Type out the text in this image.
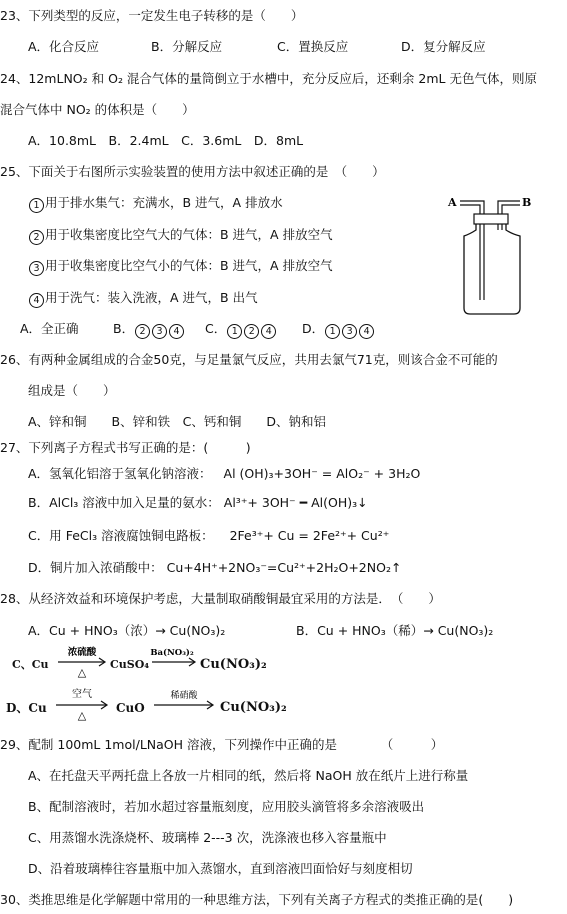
23、下列类型的反应，一定发生电子转移的是（　　）
A．化合反应	B．分解反应	C．置换反应	D．复分解反应
24、12mLNO₂ 和 O₂ 混合气体的量筒倒立于水槽中，充分反应后，还剩余 2mL 无色气体，则原
混合气体中 NO₂ 的体积是（　　）
A．10.8mL　B．2.4mL　C．3.6mL　D．8mL
25、下面关于右图所示实验装置的使用方法中叙述正确的是　（　　）
1 用于排水集气：充满水，B 进气，A 排放水
2 用于收集密度比空气大的气体：B 进气，A 排放空气
3 用于收集密度比空气小的气体：B 进气，A 排放空气
4 用于洗气：装入洗液，A 进气，B 出气
A．全正确	B． 2 3 4	C． 1 2 4	D． 1 3 4
A	B
26、有两种金属组成的合金50克，与足量氯气反应，共用去氯气71克，则该合金不可能的
组成是（　　）
A、锌和铜　　B、锌和铁　C、钙和铜　　D、钠和铝
27、下列离子方程式书写正确的是：(　　　)
A．氢氧化铝溶于氢氧化钠溶液： Al (OH)₃+3OH⁻ = AlO₂⁻ + 3H₂O
B．AlCl₃ 溶液中加入足量的氨水： Al³⁺+ 3OH⁻ ━ Al(OH)₃↓
C．用 FeCl₃ 溶液腐蚀铜电路板： 2Fe³⁺+ Cu = 2Fe²⁺+ Cu²⁺
D．铜片加入浓硝酸中： Cu+4H⁺+2NO₃⁻=Cu²⁺+2H₂O+2NO₂↑
28、从经济效益和环境保护考虑，大量制取硝酸铜最宜采用的方法是．　（　　）
A．Cu + HNO₃（浓）→ Cu(NO₃)₂	B．Cu + HNO₃（稀）→ Cu(NO₃)₂
C、Cu
浓硫酸
△
CuSO₄
Ba(NO₃)₂
Cu(NO₃)₂
D、Cu
空气
△
CuO
稀硝酸
Cu(NO₃)₂
29、配制 100mL 1mol/LNaOH 溶液，下列操作中正确的是　　　　（　　　）
A、在托盘天平两托盘上各放一片相同的纸，然后将 NaOH 放在纸片上进行称量
B、配制溶液时，若加水超过容量瓶刻度，应用胶头滴管将多余溶液吸出
C、用蒸馏水洗涤烧杯、玻璃棒 2---3 次，洗涤液也移入容量瓶中
D、沿着玻璃棒往容量瓶中加入蒸馏水，直到溶液凹面恰好与刻度相切
30、类推思维是化学解题中常用的一种思维方法，下列有关离子方程式的类推正确的是(　　)
